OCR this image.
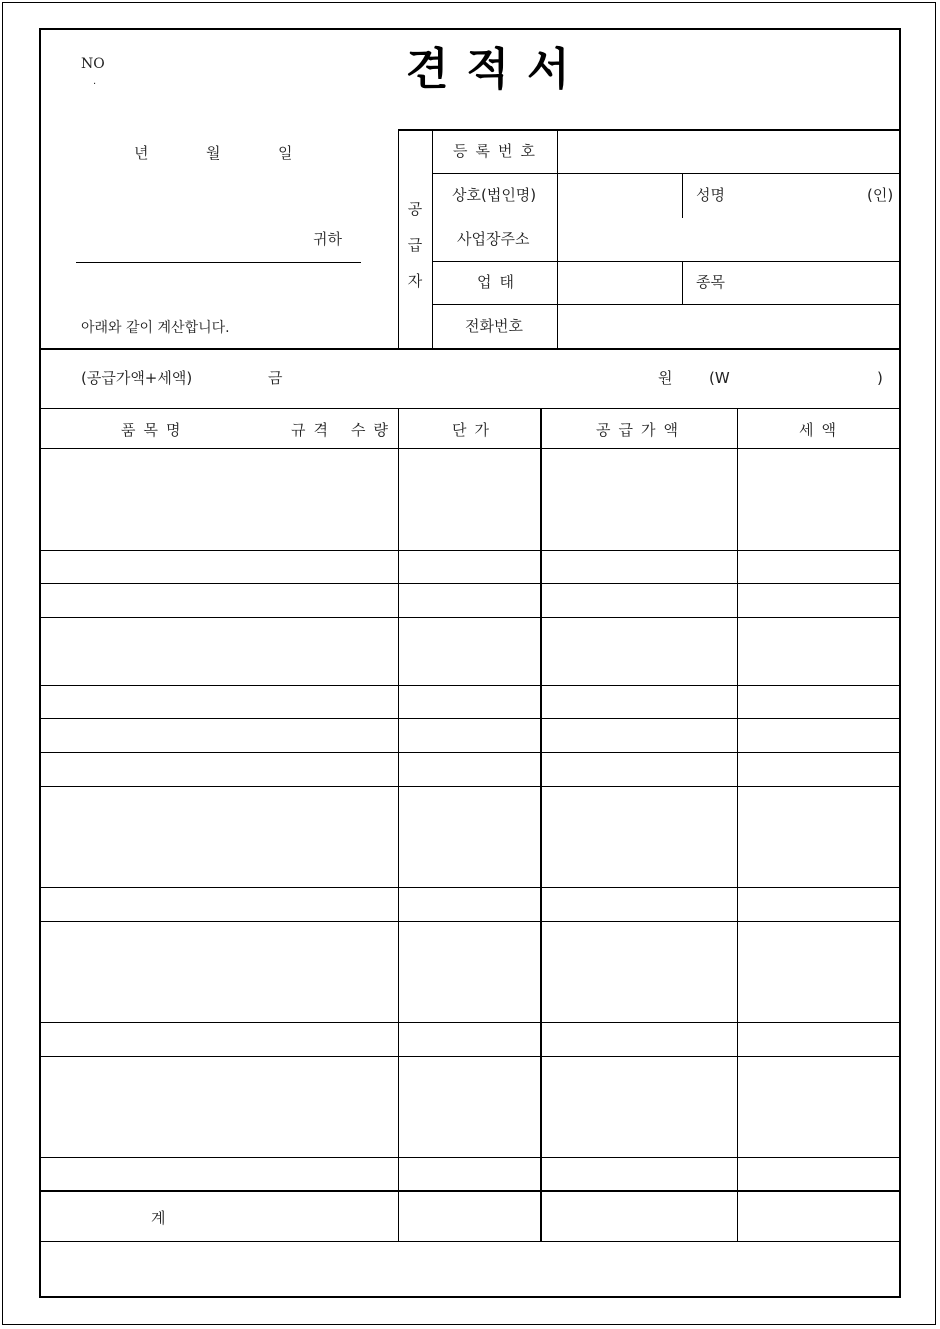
NO
·	견적서
년	월	일
귀하
아래와 같이 계산합니다.
공
급
자
등록번호
상호(법인명)	성명	(인)
사업장주소
업태	종목
전화번호
(공급가액+세액)	금	원 (W	)
품목명	규격 수량	단가	공급가액	세액
계
